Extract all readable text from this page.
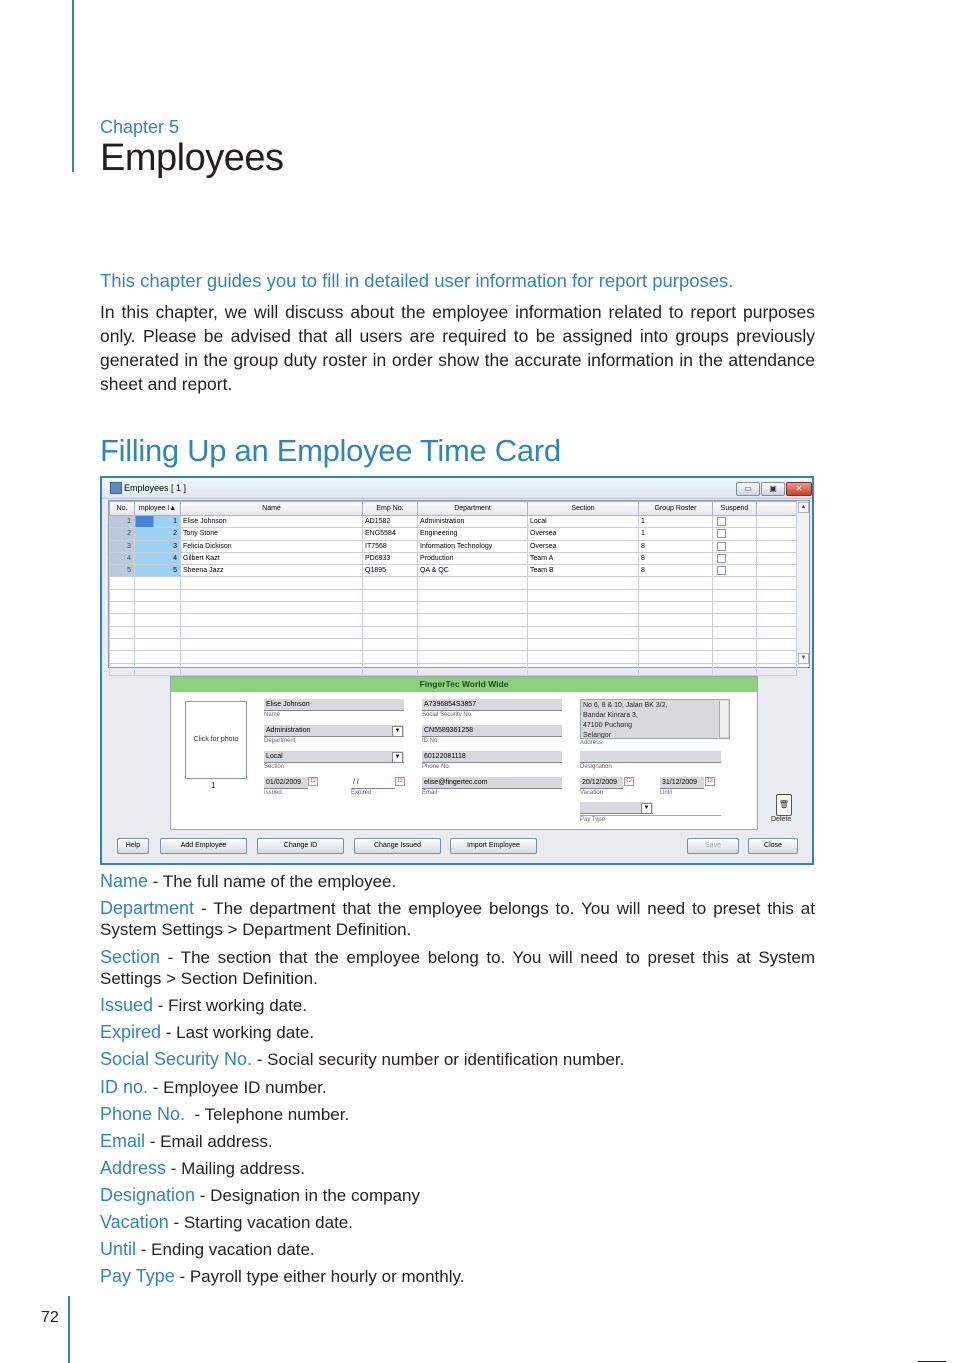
72
Chapter 5
Employees
This chapter guides you to fill in detailed user information for report purposes.
In this chapter, we will discuss about the employee information related to report purposes only. Please be advised that all users are required to be assigned into groups previously generated in the group duty roster in order show the accurate information in the attendance sheet and report.
Filling Up an Employee Time Card
Employees [ 1 ]	▭	▣	✕
No.	mployee I▲	Name	Emp No.	Department	Section	Group Roster	Suspend	
1	1	Elise Johnson	AD1582	Administration	Local	1		
2	2	Tony Stone	ENG5584	Engineering	Oversea	1		
3	3	Felicia Dickison	IT7568	Information Technology	Oversea	8		
4	4	Gilbert Kazt	PD6933	Production	Team A	8		
5	5	Sheena Jazz	Q1895	QA & QC	Team B	8		

▲
▼
FingerTec World Wide
Click for photo
1
Elise Johnson
Name
Administration	▼
Department
Local	▼
Section
01/02/2009	12
Issued
/ /	12
Expired
A7396854S3857
Social Security No.
CN5589361258
ID No
60122081118
Phone No.
elise@fingertec.com
Email
No 6, 8 & 10, Jalan BK 3/2,
Bandar Kinrara 3,
47100 Puchong
Selangor
Address
Designation
20/12/2009	12
Vacation
31/12/2009	12
Until
▼
Pay Type
🗑
Delete
Help	Add Employee	Change ID	Change Issued	Import Employee	Save	Close
Name - The full name of the employee.
Department - The department that the employee belongs to. You will need to preset this at System Settings > Department Definition.
Section - The section that the employee belong to. You will need to preset this at System Settings > Section Definition.
Issued - First working date.
Expired - Last working date.
Social Security No. - Social security number or identification number.
ID no. - Employee ID number.
Phone No.  - Telephone number.
Email - Email address.
Address - Mailing address.
Designation - Designation in the company
Vacation - Starting vacation date.
Until - Ending vacation date.
Pay Type - Payroll type either hourly or monthly.
